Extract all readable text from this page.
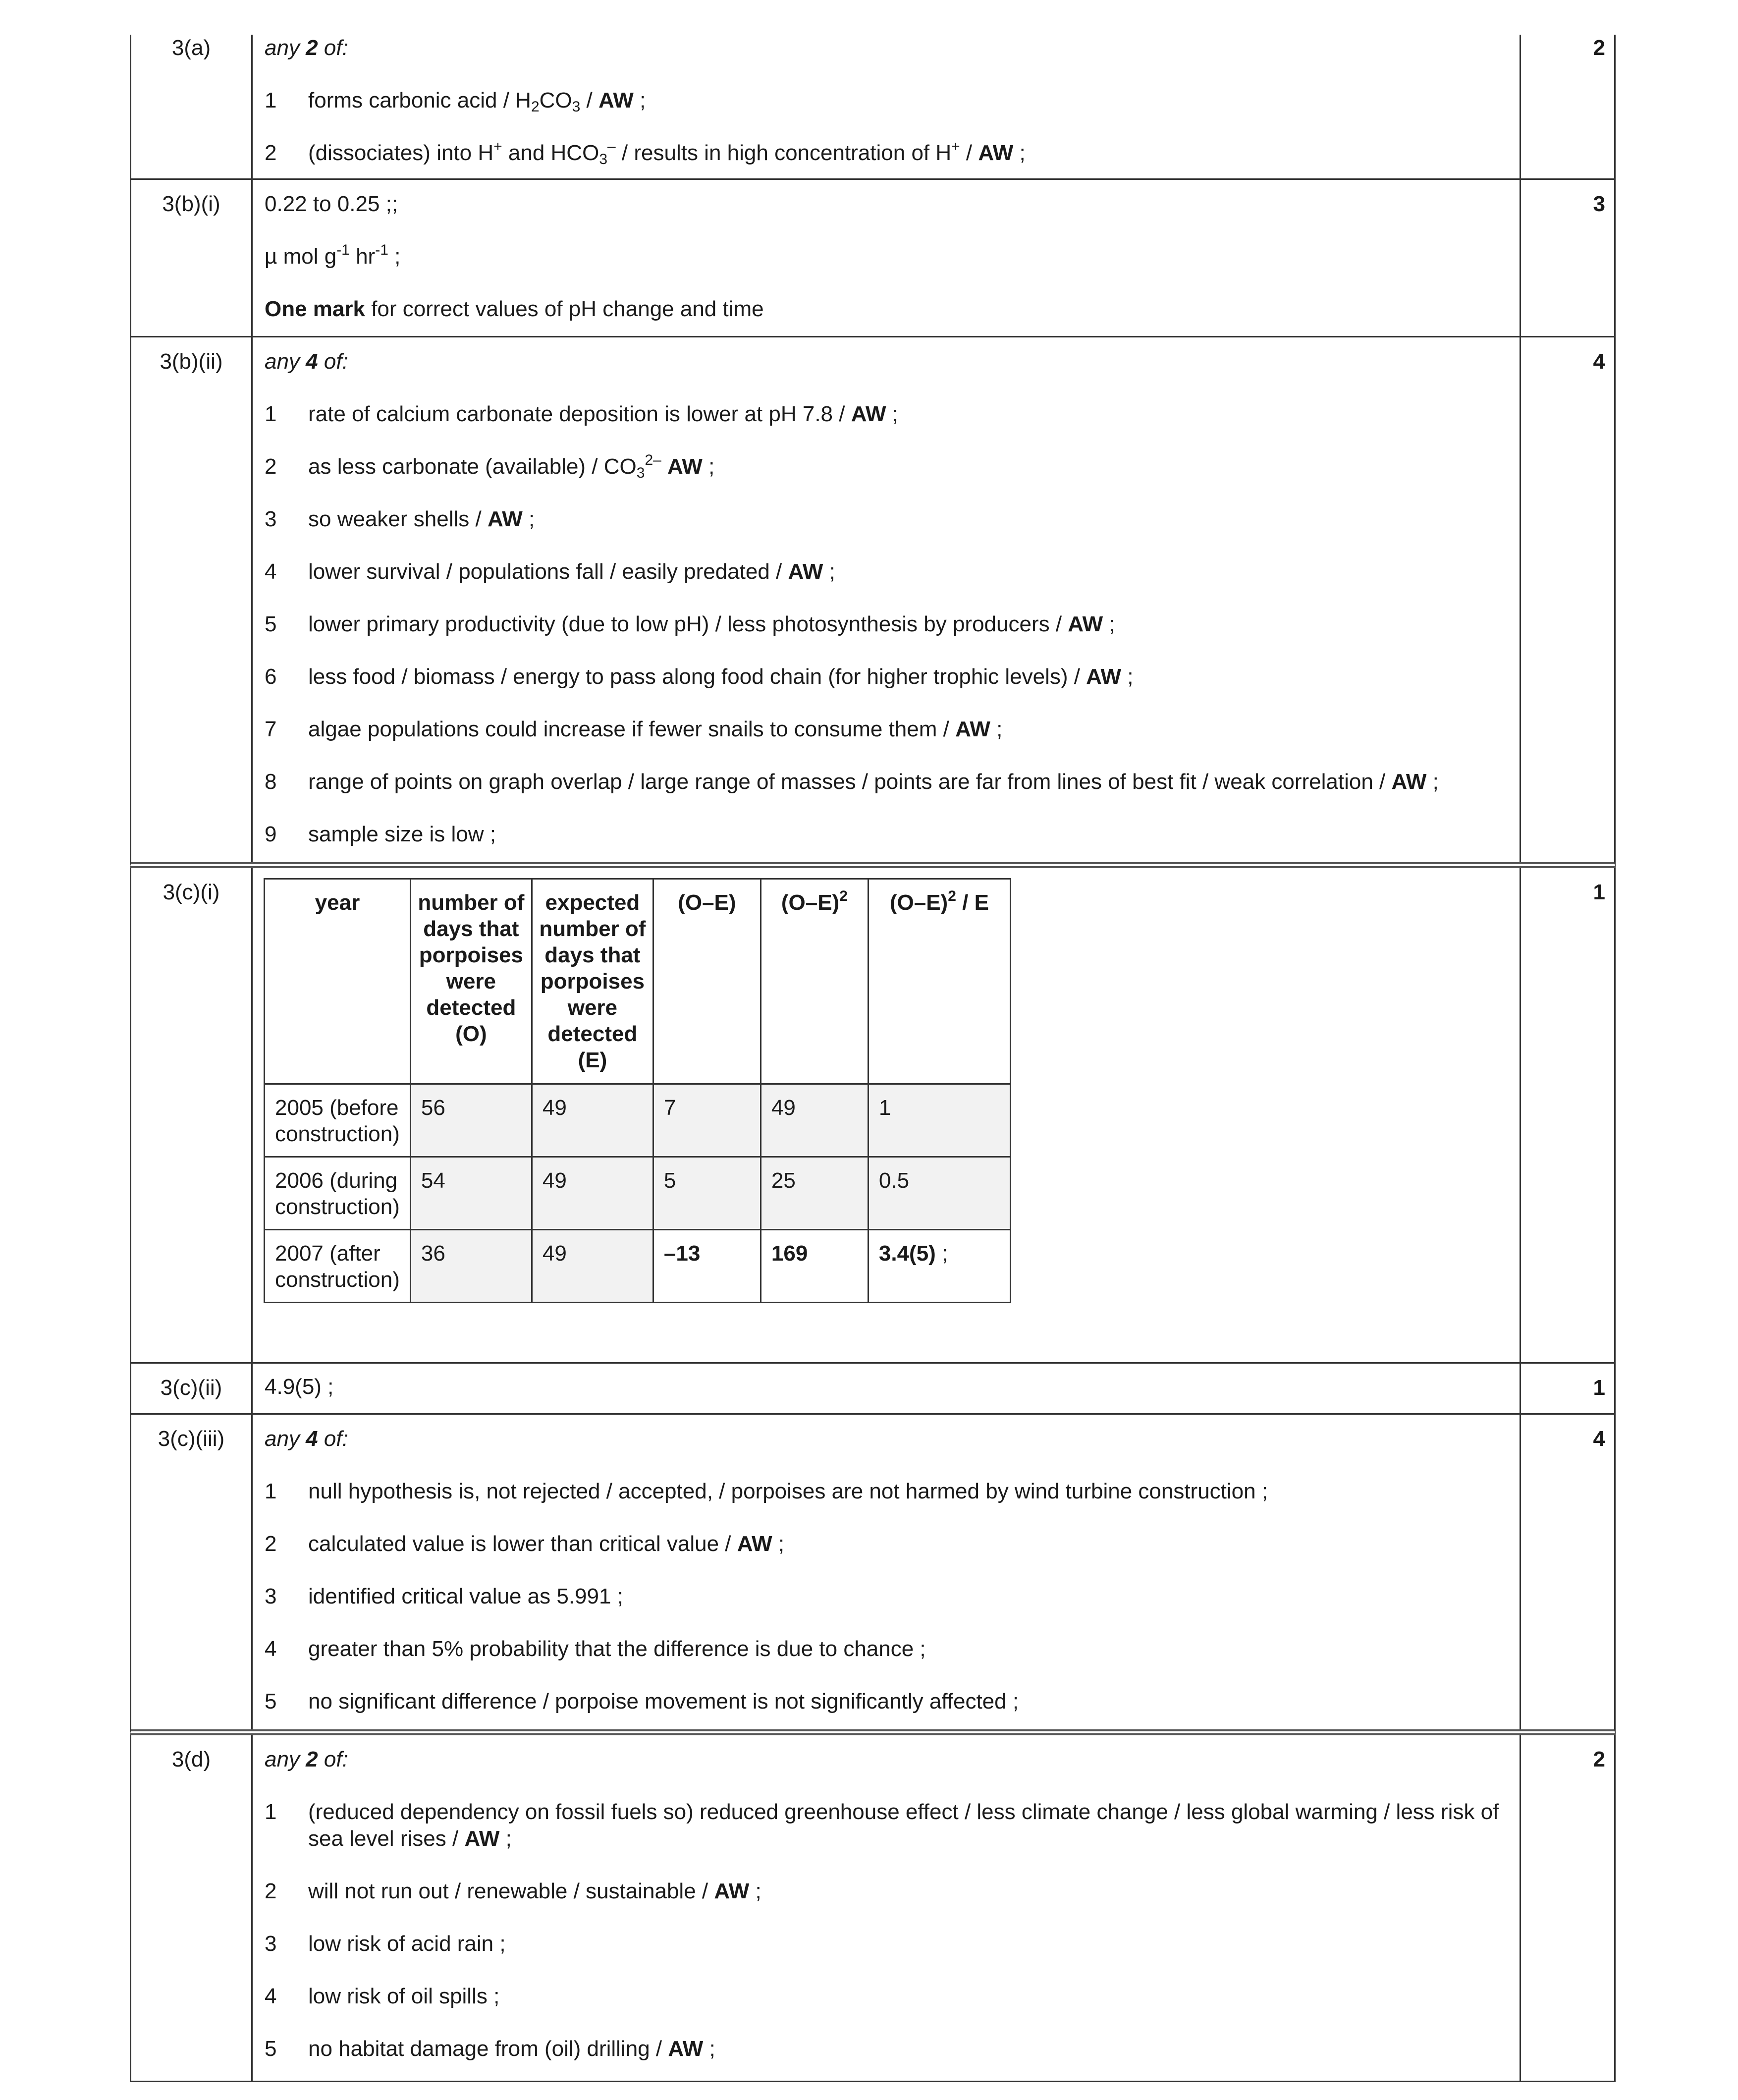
3(a)	any 2 of:
1 forms carbonic acid / $H_2CO_3$ / AW ;
2 (dissociates) into H+ and $HCO_3^-$ / results in high concentration of H+ / AW ;
2
3(b)(i)	0.22 to 0.25 ;;
µ mol $g^{-1}$ $hr^{-1}$ ;
One mark for correct values of pH change and time
3
3(b)(ii)	any 4 of:
1 rate of calcium carbonate deposition is lower at pH 7.8 / AW ;
2 as less carbonate (available) / $CO_3^{2-}$ AW ;
3 so weaker shells / AW ;
4 lower survival / populations fall / easily predated / AW ;
5 lower primary productivity (due to low pH) / less photosynthesis by producers / AW ;
6 less food / biomass / energy to pass along food chain (for higher trophic levels) / AW ;
7 algae populations could increase if fewer snails to consume them / AW ;
8 range of points on graph overlap / large range of masses / points are far from lines of best fit / weak correlation / AW ;
9 sample size is low ;
4
3(c)(i)	year	number of days that porpoises were detected (O)	expected number of days that porpoises were detected (E)	(O–E)	$(O-E)^2$	$(O-E)^2$ / E
2005 (before construction)	56	49	7	49	1
2006 (during construction)	54	49	5	25	0.5
2007 (after construction)	36	49	–13	169	3.4(5) ;
1
3(c)(ii)	4.9(5) ;	1
3(c)(iii)	any 4 of:
1 null hypothesis is, not rejected / accepted, / porpoises are not harmed by wind turbine construction ;
2 calculated value is lower than critical value / AW ;
3 identified critical value as 5.991 ;
4 greater than 5% probability that the difference is due to chance ;
5 no significant difference / porpoise movement is not significantly affected ;
4
3(d)	any 2 of:
1	(reduced dependency on fossil fuels so) reduced greenhouse effect / less climate change / less global warming / less risk of sea level rises / AW ;
2 will not run out / renewable / sustainable / AW ;
3 low risk of acid rain ;
4 low risk of oil spills ;
5 no habitat damage from (oil) drilling / AW ;
2
